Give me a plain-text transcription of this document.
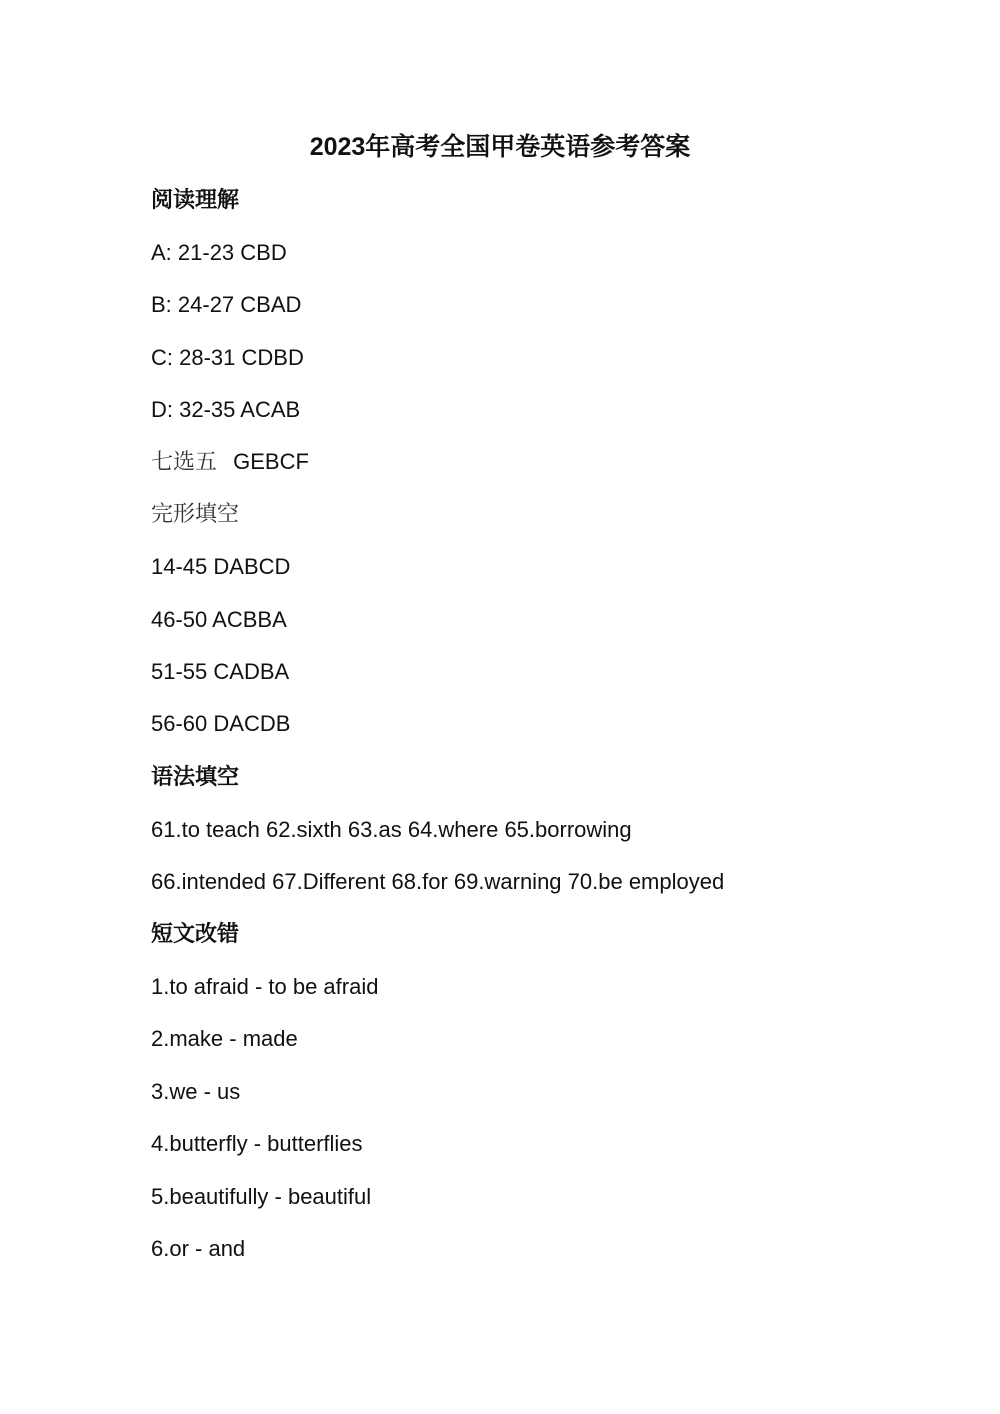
2023年高考全国甲卷英语参考答案
阅读理解
A: 21-23 CBD
B: 24-27 CBAD
C: 28-31 CDBD
D: 32-35 ACAB
七选五 GEBCF
完形填空
14-45 DABCD
46-50 ACBBA
51-55 CADBA
56-60 DACDB
语法填空
61.to teach 62.sixth 63.as 64.where 65.borrowing
66.intended 67.Different 68.for 69.warning 70.be employed
短文改错
1.to afraid - to be afraid
2.make - made
3.we - us
4.butterfly - butterflies
5.beautifully - beautiful
6.or - and
